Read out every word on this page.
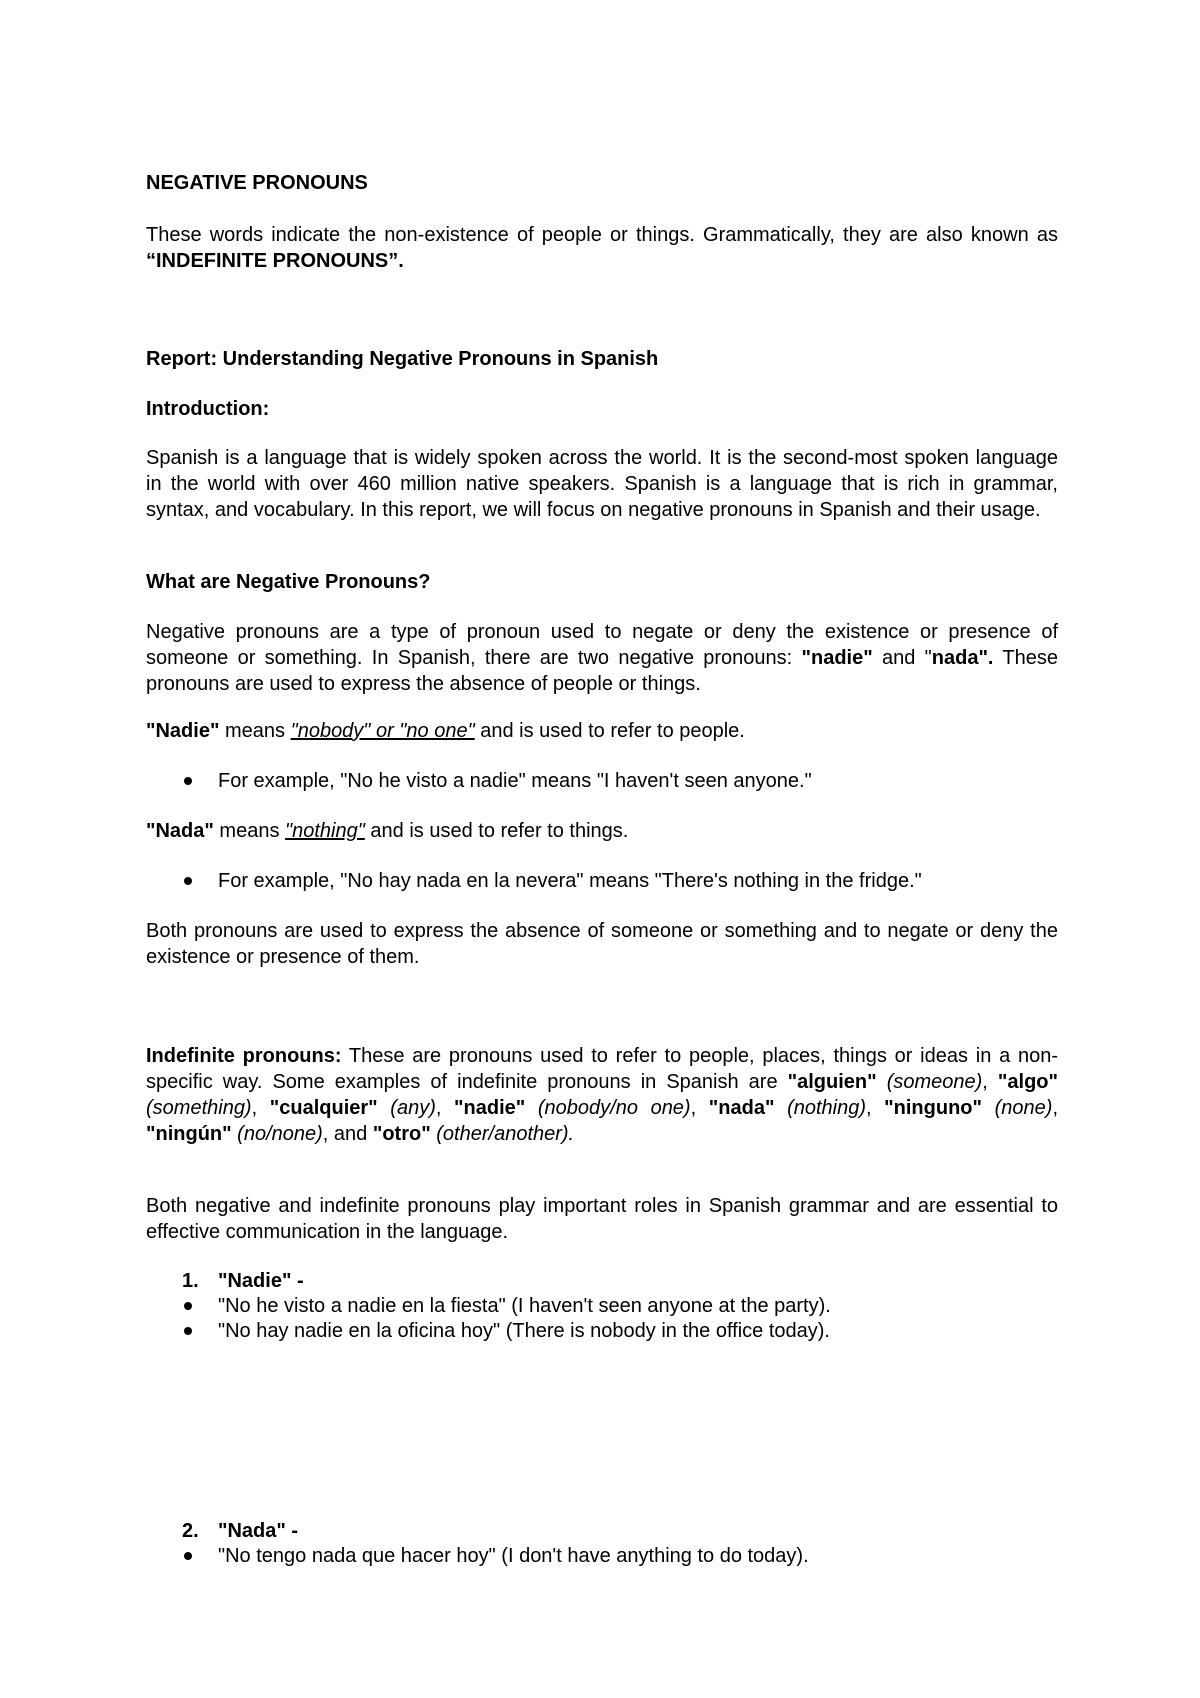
NEGATIVE PRONOUNS

These words indicate the non-existence of people or things. Grammatically, they are also known as “INDEFINITE PRONOUNS”.

Report: Understanding Negative Pronouns in Spanish
Introduction:

Spanish is a language that is widely spoken across the world. It is the second-most spoken language in the world with over 460 million native speakers. Spanish is a language that is rich in grammar, syntax, and vocabulary. In this report, we will focus on negative pronouns in Spanish and their usage.

What are Negative Pronouns?

Negative pronouns are a type of pronoun used to negate or deny the existence or presence of someone or something. In Spanish, there are two negative pronouns: "nadie" and "nada". These pronouns are used to express the absence of people or things.

"Nadie" means "nobody" or "no one" and is used to refer to people.

For example, "No he visto a nadie" means "I haven't seen anyone."

"Nada" means "nothing" and is used to refer to things.

For example, "No hay nada en la nevera" means "There's nothing in the fridge."

Both pronouns are used to express the absence of someone or something and to negate or deny the existence or presence of them.

Indefinite pronouns: These are pronouns used to refer to people, places, things or ideas in a non-specific way. Some examples of indefinite pronouns in Spanish are "alguien" (someone), "algo" (something), "cualquier" (any), "nadie" (nobody/no one), "nada" (nothing), "ninguno" (none), "ningún" (no/none), and "otro" (other/another).

Both negative and indefinite pronouns play important roles in Spanish grammar and are essential to effective communication in the language.

1. "Nadie" -
"No he visto a nadie en la fiesta" (I haven't seen anyone at the party).
"No hay nadie en la oficina hoy" (There is nobody in the office today).
2. "Nada" -
"No tengo nada que hacer hoy" (I don't have anything to do today).
